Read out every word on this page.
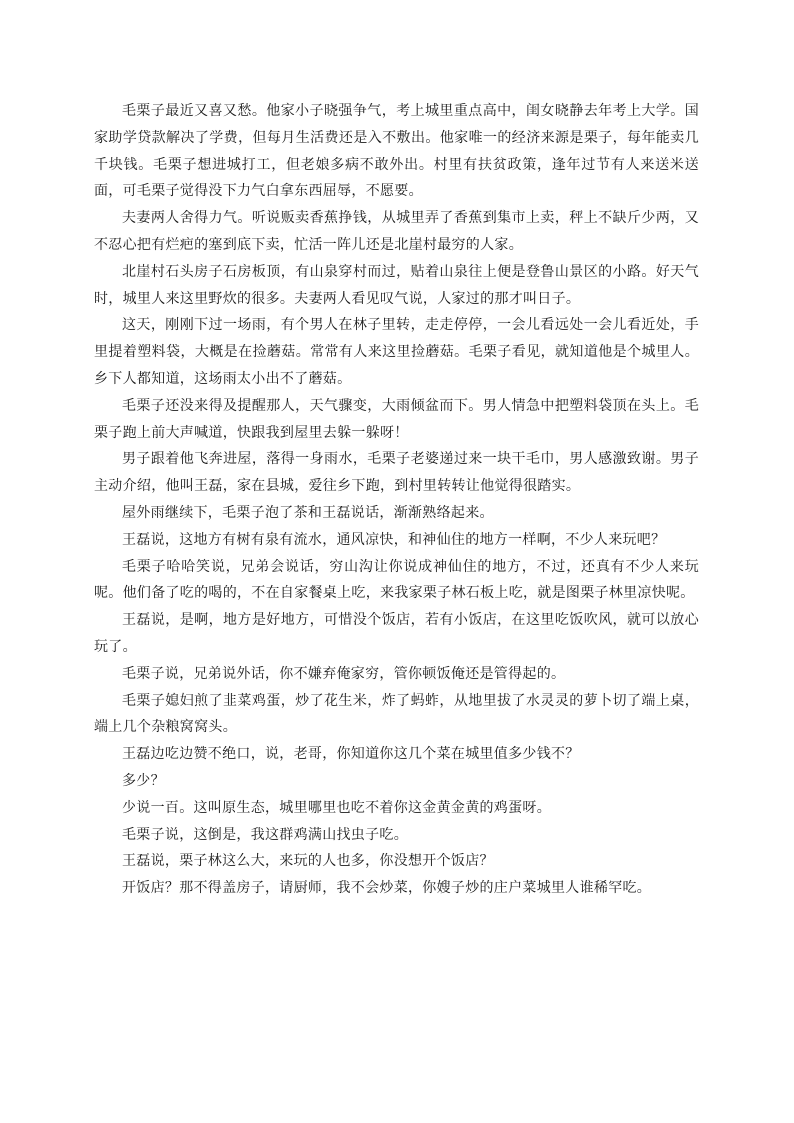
毛栗子最近又喜又愁。他家小子晓强争气，考上城里重点高中，闺女晓静去年考上大学。国家助学贷款解决了学费，但每月生活费还是入不敷出。他家唯一的经济来源是栗子，每年能卖几千块钱。毛栗子想进城打工，但老娘多病不敢外出。村里有扶贫政策，逢年过节有人来送米送面，可毛栗子觉得没下力气白拿东西屈辱，不愿要。

夫妻两人舍得力气。听说贩卖香蕉挣钱，从城里弄了香蕉到集市上卖，秤上不缺斤少两，又不忍心把有烂疤的塞到底下卖，忙活一阵儿还是北崖村最穷的人家。

北崖村石头房子石房板顶，有山泉穿村而过，贴着山泉往上便是登鲁山景区的小路。好天气时，城里人来这里野炊的很多。夫妻两人看见叹气说，人家过的那才叫日子。

这天，刚刚下过一场雨，有个男人在林子里转，走走停停，一会儿看远处一会儿看近处，手里提着塑料袋，大概是在捡蘑菇。常常有人来这里捡蘑菇。毛栗子看见，就知道他是个城里人。乡下人都知道，这场雨太小出不了蘑菇。

毛栗子还没来得及提醒那人，天气骤变，大雨倾盆而下。男人情急中把塑料袋顶在头上。毛栗子跑上前大声喊道，快跟我到屋里去躲一躲呀！

男子跟着他飞奔进屋，落得一身雨水，毛栗子老婆递过来一块干毛巾，男人感激致谢。男子主动介绍，他叫王磊，家在县城，爱往乡下跑，到村里转转让他觉得很踏实。

屋外雨继续下，毛栗子泡了茶和王磊说话，渐渐熟络起来。

王磊说，这地方有树有泉有流水，通风凉快，和神仙住的地方一样啊，不少人来玩吧？

毛栗子哈哈笑说，兄弟会说话，穷山沟让你说成神仙住的地方，不过，还真有不少人来玩呢。他们备了吃的喝的，不在自家餐桌上吃，来我家栗子林石板上吃，就是图栗子林里凉快呢。

王磊说，是啊，地方是好地方，可惜没个饭店，若有小饭店，在这里吃饭吹风，就可以放心玩了。

毛栗子说，兄弟说外话，你不嫌弃俺家穷，管你顿饭俺还是管得起的。

毛栗子媳妇煎了韭菜鸡蛋，炒了花生米，炸了蚂蚱，从地里拔了水灵灵的萝卜切了端上桌，端上几个杂粮窝窝头。

王磊边吃边赞不绝口，说，老哥，你知道你这几个菜在城里值多少钱不？

多少？

少说一百。这叫原生态，城里哪里也吃不着你这金黄金黄的鸡蛋呀。

毛栗子说，这倒是，我这群鸡满山找虫子吃。

王磊说，栗子林这么大，来玩的人也多，你没想开个饭店？

开饭店？那不得盖房子，请厨师，我不会炒菜，你嫂子炒的庄户菜城里人谁稀罕吃。
